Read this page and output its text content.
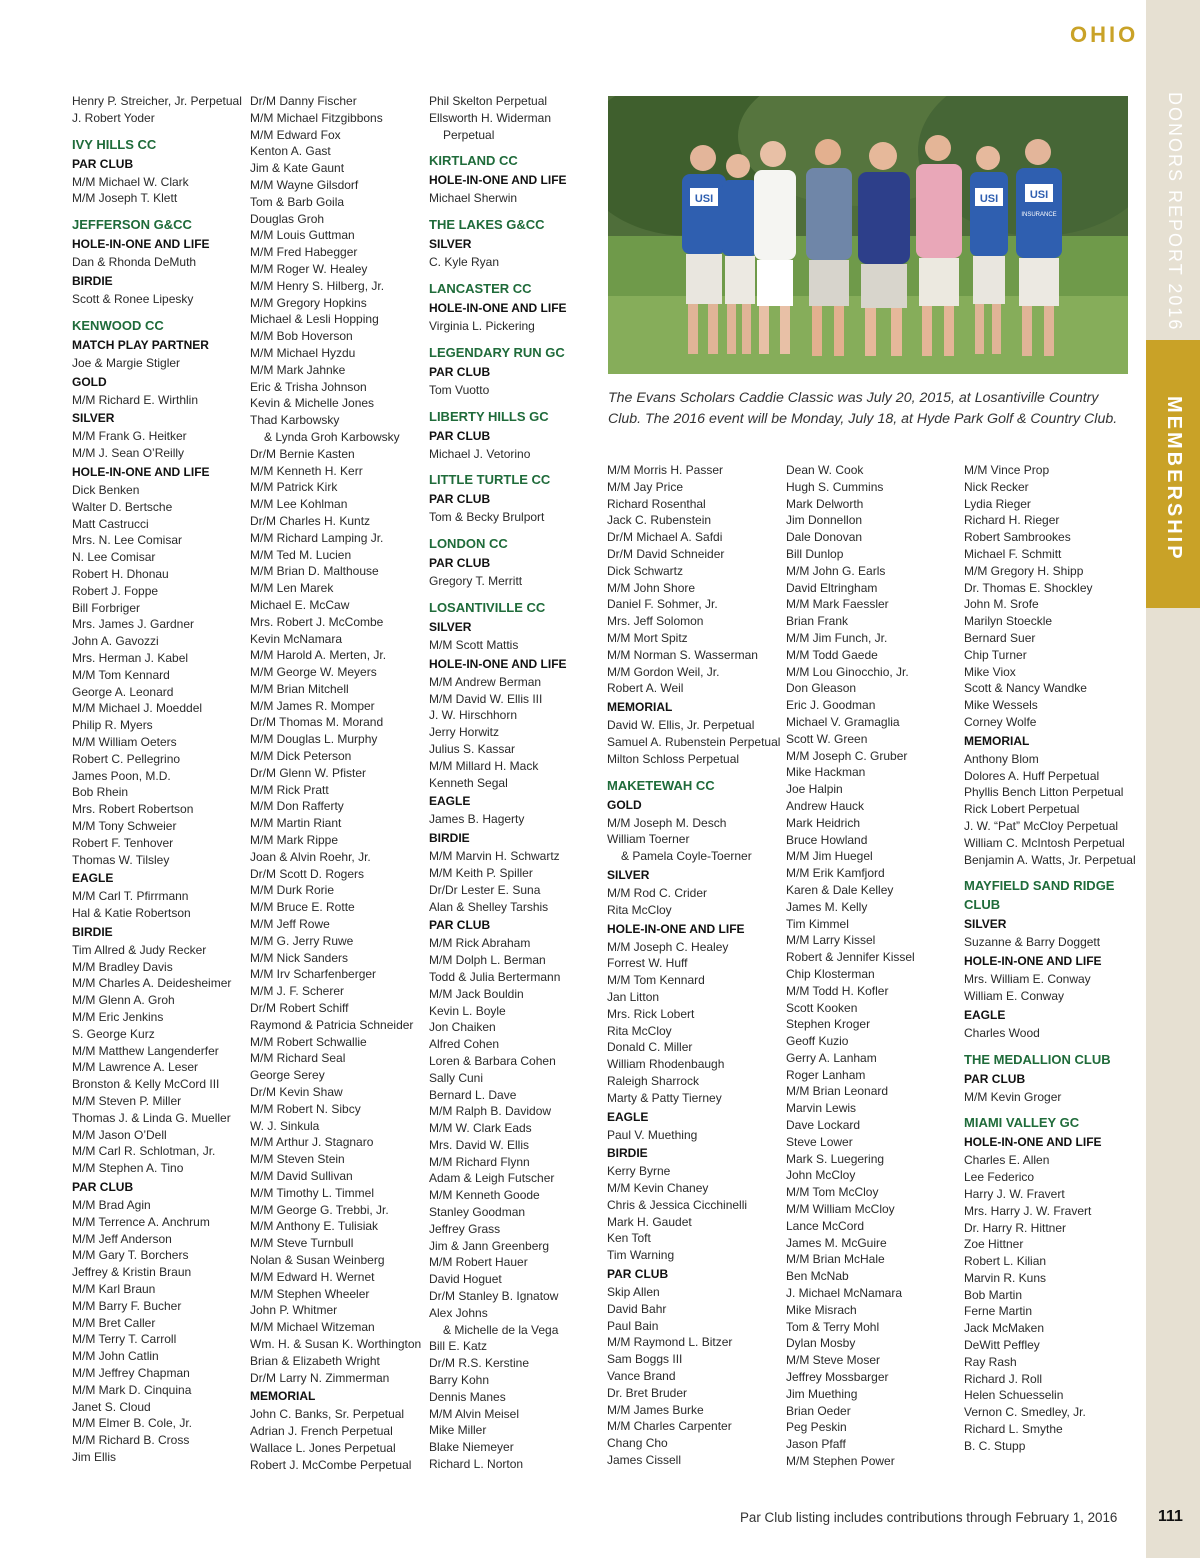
OHIO
DONORS REPORT 2016
MEMBERSHIP
Henry P. Streicher, Jr. Perpetual
J. Robert Yoder
IVY HILLS CC
PAR CLUB
M/M Michael W. Clark
M/M Joseph T. Klett
JEFFERSON G&CC
HOLE-IN-ONE AND LIFE
Dan & Rhonda DeMuth
BIRDIE
Scott & Ronee Lipesky
KENWOOD CC
MATCH PLAY PARTNER
Joe & Margie Stigler
GOLD
M/M Richard E. Wirthlin
SILVER
M/M Frank G. Heitker
M/M J. Sean O’Reilly
HOLE-IN-ONE AND LIFE
Dick Benken
Walter D. Bertsche
Matt Castrucci
Mrs. N. Lee Comisar
N. Lee Comisar
Robert H. Dhonau
Robert J. Foppe
Bill Forbriger
Mrs. James J. Gardner
John A. Gavozzi
Mrs. Herman J. Kabel
M/M Tom Kennard
George A. Leonard
M/M Michael J. Moeddel
Philip R. Myers
M/M William Oeters
Robert C. Pellegrino
James Poon, M.D.
Bob Rhein
Mrs. Robert Robertson
M/M Tony Schweier
Robert F. Tenhover
Thomas W. Tilsley
EAGLE
M/M Carl T. Pfirrmann
Hal & Katie Robertson
BIRDIE
Tim Allred & Judy Recker
M/M Bradley Davis
M/M Charles A. Deidesheimer
M/M Glenn A. Groh
M/M Eric Jenkins
S. George Kurz
M/M Matthew Langenderfer
M/M Lawrence A. Leser
Bronston & Kelly McCord III
M/M Steven P. Miller
Thomas J. & Linda G. Mueller
M/M Jason O’Dell
M/M Carl R. Schlotman, Jr.
M/M Stephen A. Tino
PAR CLUB
M/M Brad Agin
M/M Terrence A. Anchrum
M/M Jeff Anderson
M/M Gary T. Borchers
Jeffrey & Kristin Braun
M/M Karl Braun
M/M Barry F. Bucher
M/M Bret Caller
M/M Terry T. Carroll
M/M John Catlin
M/M Jeffrey Chapman
M/M Mark D. Cinquina
Janet S. Cloud
M/M Elmer B. Cole, Jr.
M/M Richard B. Cross
Jim Ellis
Dr/M Danny Fischer
M/M Michael Fitzgibbons
M/M Edward Fox
Kenton A. Gast
Jim & Kate Gaunt
M/M Wayne Gilsdorf
Tom & Barb Goila
Douglas Groh
M/M Louis Guttman
M/M Fred Habegger
M/M Roger W. Healey
M/M Henry S. Hilberg, Jr.
M/M Gregory Hopkins
Michael & Lesli Hopping
M/M Bob Hoverson
M/M Michael Hyzdu
M/M Mark Jahnke
Eric & Trisha Johnson
Kevin & Michelle Jones
Thad Karbowsky
& Lynda Groh Karbowsky
Dr/M Bernie Kasten
M/M Kenneth H. Kerr
M/M Patrick Kirk
M/M Lee Kohlman
Dr/M Charles H. Kuntz
M/M Richard Lamping Jr.
M/M Ted M. Lucien
M/M Brian D. Malthouse
M/M Len Marek
Michael E. McCaw
Mrs. Robert J. McCombe
Kevin McNamara
M/M Harold A. Merten, Jr.
M/M George W. Meyers
M/M Brian Mitchell
M/M James R. Momper
Dr/M Thomas M. Morand
M/M Douglas L. Murphy
M/M Dick Peterson
Dr/M Glenn W. Pfister
M/M Rick Pratt
M/M Don Rafferty
M/M Martin Riant
M/M Mark Rippe
Joan & Alvin Roehr, Jr.
Dr/M Scott D. Rogers
M/M Durk Rorie
M/M Bruce E. Rotte
M/M Jeff Rowe
M/M G. Jerry Ruwe
M/M Nick Sanders
M/M Irv Scharfenberger
M/M J. F. Scherer
Dr/M Robert Schiff
Raymond & Patricia Schneider
M/M Robert Schwallie
M/M Richard Seal
George Serey
Dr/M Kevin Shaw
M/M Robert N. Sibcy
W. J. Sinkula
M/M Arthur J. Stagnaro
M/M Steven Stein
M/M David Sullivan
M/M Timothy L. Timmel
M/M George G. Trebbi, Jr.
M/M Anthony E. Tulisiak
M/M Steve Turnbull
Nolan & Susan Weinberg
M/M Edward H. Wernet
M/M Stephen Wheeler
John P. Whitmer
M/M Michael Witzeman
Wm. H. & Susan K. Worthington
Brian & Elizabeth Wright
Dr/M Larry N. Zimmerman
MEMORIAL
John C. Banks, Sr. Perpetual
Adrian J. French Perpetual
Wallace L. Jones Perpetual
Robert J. McCombe Perpetual
Phil Skelton Perpetual
Ellsworth H. Widerman
Perpetual
KIRTLAND CC
HOLE-IN-ONE AND LIFE
Michael Sherwin
THE LAKES G&CC
SILVER
C. Kyle Ryan
LANCASTER CC
HOLE-IN-ONE AND LIFE
Virginia L. Pickering
LEGENDARY RUN GC
PAR CLUB
Tom Vuotto
LIBERTY HILLS GC
PAR CLUB
Michael J. Vetorino
LITTLE TURTLE CC
PAR CLUB
Tom & Becky Brulport
LONDON CC
PAR CLUB
Gregory T. Merritt
LOSANTIVILLE CC
SILVER
M/M Scott Mattis
HOLE-IN-ONE AND LIFE
M/M Andrew Berman
M/M David W. Ellis III
J. W. Hirschhorn
Jerry Horwitz
Julius S. Kassar
M/M Millard H. Mack
Kenneth Segal
EAGLE
James B. Hagerty
BIRDIE
M/M Marvin H. Schwartz
M/M Keith P. Spiller
Dr/Dr Lester E. Suna
Alan & Shelley Tarshis
PAR CLUB
M/M Rick Abraham
M/M Dolph L. Berman
Todd & Julia Bertermann
M/M Jack Bouldin
Kevin L. Boyle
Jon Chaiken
Alfred Cohen
Loren & Barbara Cohen
Sally Cuni
Bernard L. Dave
M/M Ralph B. Davidow
M/M W. Clark Eads
Mrs. David W. Ellis
M/M Richard Flynn
Adam & Leigh Futscher
M/M Kenneth Goode
Stanley Goodman
Jeffrey Grass
Jim & Jann Greenberg
M/M Robert Hauer
David Hoguet
Dr/M Stanley B. Ignatow
Alex Johns
& Michelle de la Vega
Bill E. Katz
Dr/M R.S. Kerstine
Barry Kohn
Dennis Manes
M/M Alvin Meisel
Mike Miller
Blake Niemeyer
Richard L. Norton
M/M Morris H. Passer
M/M Jay Price
Richard Rosenthal
Jack C. Rubenstein
Dr/M Michael A. Safdi
Dr/M David Schneider
Dick Schwartz
M/M John Shore
Daniel F. Sohmer, Jr.
Mrs. Jeff Solomon
M/M Mort Spitz
M/M Norman S. Wasserman
M/M Gordon Weil, Jr.
Robert A. Weil
MEMORIAL
David W. Ellis, Jr. Perpetual
Samuel A. Rubenstein Perpetual
Milton Schloss Perpetual
MAKETEWAH CC
GOLD
M/M Joseph M. Desch
William Toerner
& Pamela Coyle-Toerner
SILVER
M/M Rod C. Crider
Rita McCloy
HOLE-IN-ONE AND LIFE
M/M Joseph C. Healey
Forrest W. Huff
M/M Tom Kennard
Jan Litton
Mrs. Rick Lobert
Rita McCloy
Donald C. Miller
William Rhodenbaugh
Raleigh Sharrock
Marty & Patty Tierney
EAGLE
Paul V. Muething
BIRDIE
Kerry Byrne
M/M Kevin Chaney
Chris & Jessica Cicchinelli
Mark H. Gaudet
Ken Toft
Tim Warning
PAR CLUB
Skip Allen
David Bahr
Paul Bain
M/M Raymond L. Bitzer
Sam Boggs III
Vance Brand
Dr. Bret Bruder
M/M James Burke
M/M Charles Carpenter
Chang Cho
James Cissell
Dean W. Cook
Hugh S. Cummins
Mark Delworth
Jim Donnellon
Dale Donovan
Bill Dunlop
M/M John G. Earls
David Eltringham
M/M Mark Faessler
Brian Frank
M/M Jim Funch, Jr.
M/M Todd Gaede
M/M Lou Ginocchio, Jr.
Don Gleason
Eric J. Goodman
Michael V. Gramaglia
Scott W. Green
M/M Joseph C. Gruber
Mike Hackman
Joe Halpin
Andrew Hauck
Mark Heidrich
Bruce Howland
M/M Jim Huegel
M/M Erik Kamfjord
Karen & Dale Kelley
James M. Kelly
Tim Kimmel
M/M Larry Kissel
Robert & Jennifer Kissel
Chip Klosterman
M/M Todd H. Kofler
Scott Kooken
Stephen Kroger
Geoff Kuzio
Gerry A. Lanham
Roger Lanham
M/M Brian Leonard
Marvin Lewis
Dave Lockard
Steve Lower
Mark S. Luegering
John McCloy
M/M Tom McCloy
M/M William McCloy
Lance McCord
James M. McGuire
M/M Brian McHale
Ben McNab
J. Michael McNamara
Mike Misrach
Tom & Terry Mohl
Dylan Mosby
M/M Steve Moser
Jeffrey Mossbarger
Jim Muething
Brian Oeder
Peg Peskin
Jason Pfaff
M/M Stephen Power
M/M Vince Prop
Nick Recker
Lydia Rieger
Richard H. Rieger
Robert Sambrookes
Michael F. Schmitt
M/M Gregory H. Shipp
Dr. Thomas E. Shockley
John M. Srofe
Marilyn Stoeckle
Bernard Suer
Chip Turner
Mike Viox
Scott & Nancy Wandke
Mike Wessels
Corney Wolfe
MEMORIAL
Anthony Blom
Dolores A. Huff Perpetual
Phyllis Bench Litton Perpetual
Rick Lobert Perpetual
J. W. “Pat” McCloy Perpetual
William C. McIntosh Perpetual
Benjamin A. Watts, Jr. Perpetual
MAYFIELD SAND RIDGE CLUB
SILVER
Suzanne & Barry Doggett
HOLE-IN-ONE AND LIFE
Mrs. William E. Conway
William E. Conway
EAGLE
Charles Wood
THE MEDALLION CLUB
PAR CLUB
M/M Kevin Groger
MIAMI VALLEY GC
HOLE-IN-ONE AND LIFE
Charles E. Allen
Lee Federico
Harry J. W. Fravert
Mrs. Harry J. W. Fravert
Dr. Harry R. Hittner
Zoe Hittner
Robert L. Kilian
Marvin R. Kuns
Bob Martin
Ferne Martin
Jack McMaken
DeWitt Peffley
Ray Rash
Richard J. Roll
Helen Schuesselin
Vernon C. Smedley, Jr.
Richard L. Smythe
B. C. Stupp
USI	USI	USI
INSURANCE
The Evans Scholars Caddie Classic was July 20, 2015, at Losantiville Country Club. The 2016 event will be Monday, July 18, at Hyde Park Golf & Country Club.
Par Club listing includes contributions through February 1, 2016	111
